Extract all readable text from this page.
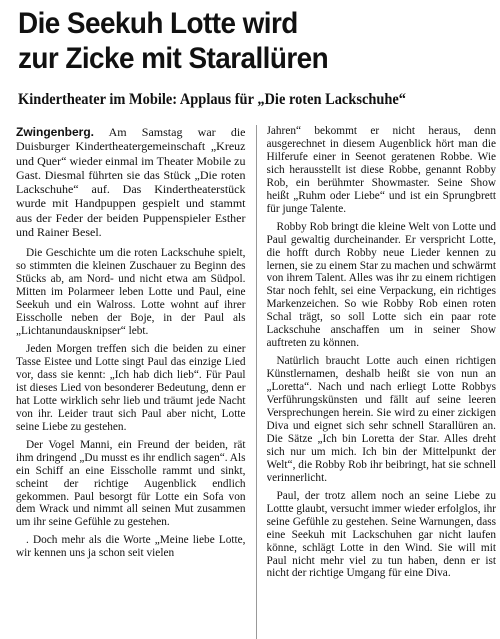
Die Seekuh Lotte wird
zur Zicke mit Starallüren
Kindertheater im Mobile: Applaus für „Die roten Lackschuhe“

Zwingenberg. Am Samstag war die Duisburger Kindertheatergemeinschaft „Kreuz und Quer“ wieder einmal im Theater Mobile zu Gast. Diesmal führten sie das Stück „Die roten Lackschuhe“ auf. Das Kindertheaterstück wurde mit Handpuppen gespielt und stammt aus der Feder der beiden Puppenspieler Esther und Rainer Besel.

Die Geschichte um die roten Lackschuhe spielt, so stimmten die kleinen Zuschauer zu Beginn des Stücks ab, am Nord- und nicht etwa am Südpol. Mitten im Polarmeer leben Lotte und Paul, eine Seekuh und ein Walross. Lotte wohnt auf ihrer Eisscholle neben der Boje, in der Paul als „Lichtanundausknipser“ lebt.

Jeden Morgen treffen sich die beiden zu einer Tasse Eistee und Lotte singt Paul das einzige Lied vor, dass sie kennt: „Ich hab dich lieb“. Für Paul ist dieses Lied von besonderer Bedeutung, denn er hat Lotte wirklich sehr lieb und träumt jede Nacht von ihr. Leider traut sich Paul aber nicht, Lotte seine Liebe zu gestehen.

Der Vogel Manni, ein Freund der beiden, rät ihm dringend „Du musst es ihr endlich sagen“. Als ein Schiff an eine Eisscholle rammt und sinkt, scheint der richtige Augenblick endlich gekommen. Paul besorgt für Lotte ein Sofa von dem Wrack und nimmt all seinen Mut zusammen um ihr seine Gefühle zu gestehen.

. Doch mehr als die Worte „Meine liebe Lotte, wir kennen uns ja schon seit vielen

Jahren“ bekommt er nicht heraus, denn ausgerechnet in diesem Augenblick hört man die Hilferufe einer in Seenot geratenen Robbe. Wie sich herausstellt ist diese Robbe, genannt Robby Rob, ein berühmter Showmaster. Seine Show heißt „Ruhm oder Liebe“ und ist ein Sprungbrett für junge Talente.

Robby Rob bringt die kleine Welt von Lotte und Paul gewaltig durcheinander. Er verspricht Lotte, die hofft durch Robby neue Lieder kennen zu lernen, sie zu einem Star zu machen und schwärmt von ihrem Talent. Alles was ihr zu einem richtigen Star noch fehlt, sei eine Verpackung, ein richtiges Markenzeichen. So wie Robby Rob einen roten Schal trägt, so soll Lotte sich ein paar rote Lackschuhe anschaffen um in seiner Show auftreten zu können.

Natürlich braucht Lotte auch einen richtigen Künstlernamen, deshalb heißt sie von nun an „Loretta“. Nach und nach erliegt Lotte Robbys Verführungskünsten und fällt auf seine leeren Versprechungen herein. Sie wird zu einer zickigen Diva und eignet sich sehr schnell Starallüren an. Die Sätze „Ich bin Loretta der Star. Alles dreht sich nur um mich. Ich bin der Mittelpunkt der Welt“, die Robby Rob ihr beibringt, hat sie schnell verinnerlicht.

Paul, der trotz allem noch an seine Liebe zu Lottte glaubt, versucht immer wieder erfolglos, ihr seine Gefühle zu gestehen. Seine Warnungen, dass eine Seekuh mit Lackschuhen gar nicht laufen könne, schlägt Lotte in den Wind. Sie will mit Paul nicht mehr viel zu tun haben, denn er ist nicht der richtige Umgang für eine Diva.
